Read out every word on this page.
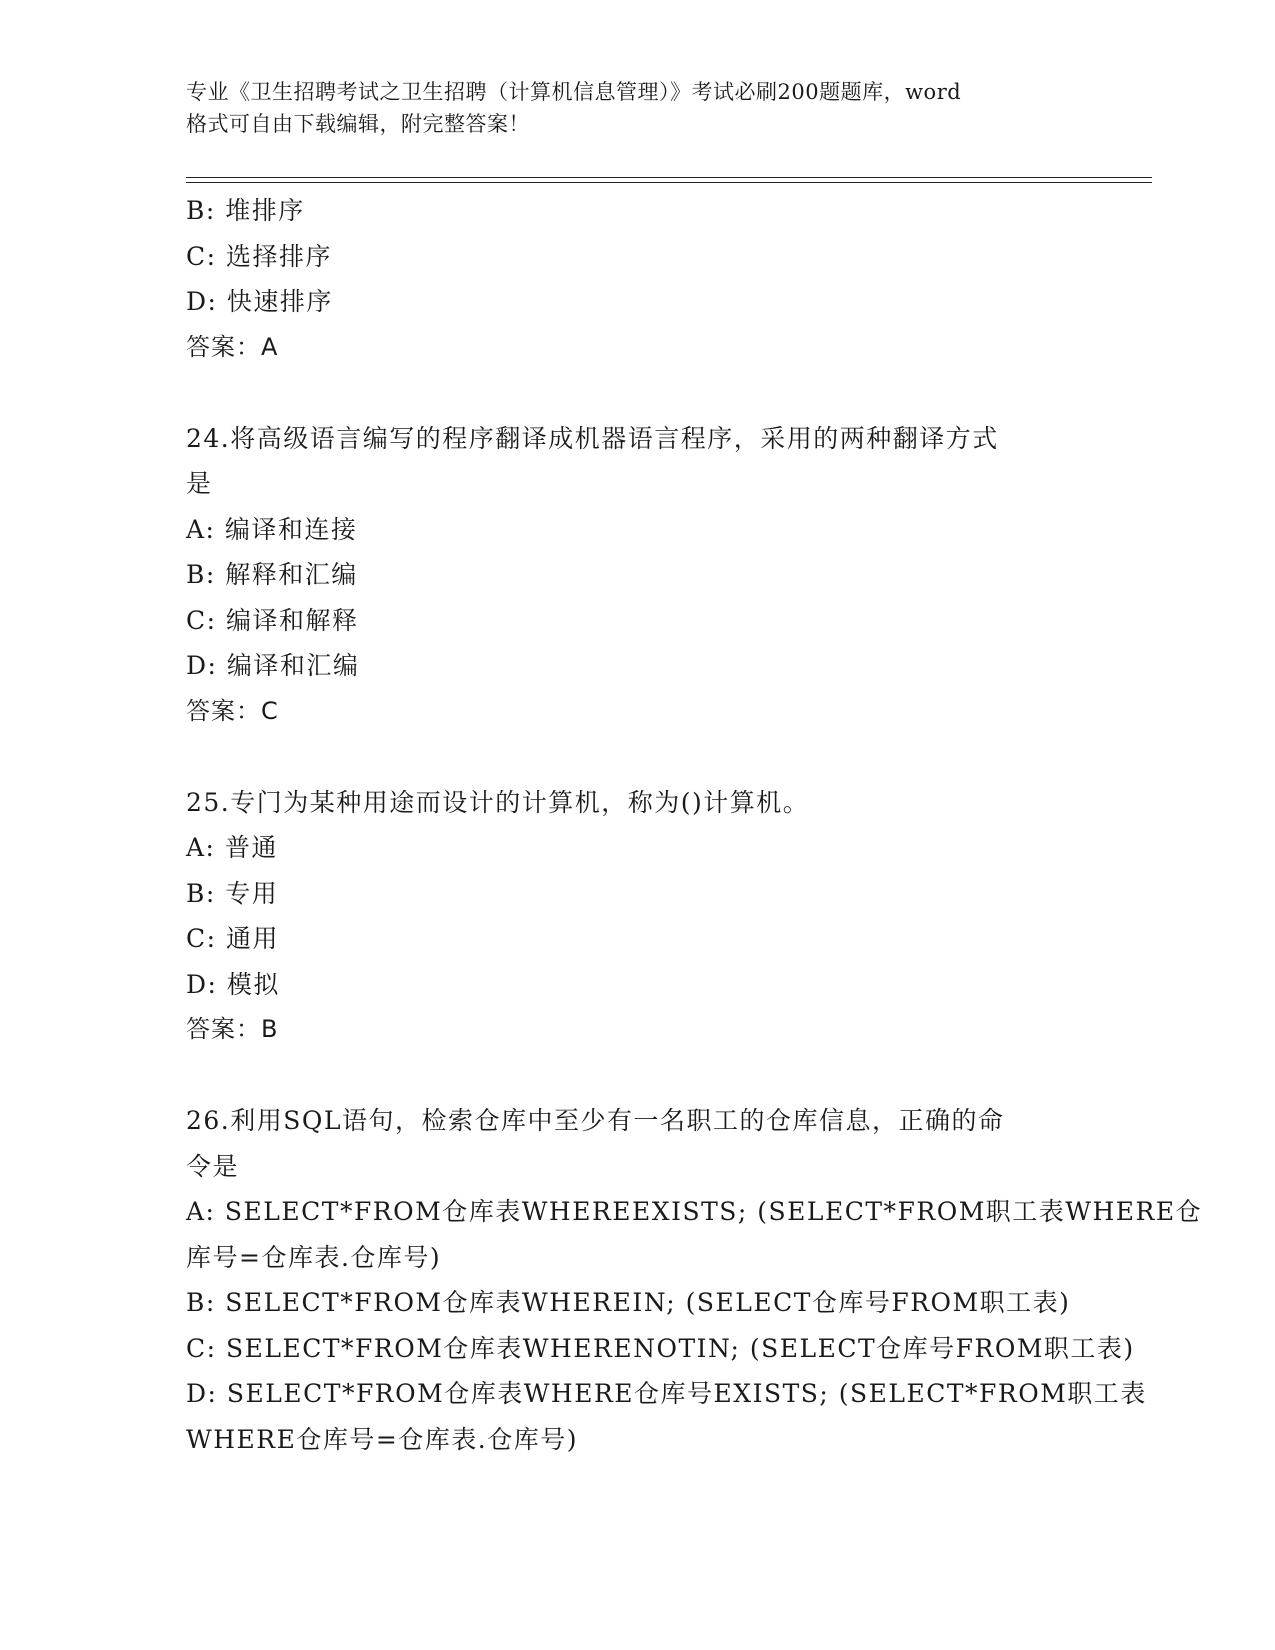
专业《卫生招聘考试之卫生招聘（计算机信息管理）》考试必刷200题题库，word
格式可自由下载编辑，附完整答案！
B: 堆排序
C: 选择排序
D: 快速排序
答案：A
24.将高级语言编写的程序翻译成机器语言程序，采用的两种翻译方式
是
A: 编译和连接
B: 解释和汇编
C: 编译和解释
D: 编译和汇编
答案：C
25.专门为某种用途而设计的计算机，称为()计算机。
A: 普通
B: 专用
C: 通用
D: 模拟
答案：B
26.利用SQL语句，检索仓库中至少有一名职工的仓库信息，正确的命
令是
A: SELECT*FROM仓库表WHEREEXISTS; (SELECT*FROM职工表WHERE仓
库号=仓库表.仓库号)
B: SELECT*FROM仓库表WHEREIN; (SELECT仓库号FROM职工表)
C: SELECT*FROM仓库表WHERENOTIN; (SELECT仓库号FROM职工表)
D: SELECT*FROM仓库表WHERE仓库号EXISTS; (SELECT*FROM职工表
WHERE仓库号=仓库表.仓库号)
